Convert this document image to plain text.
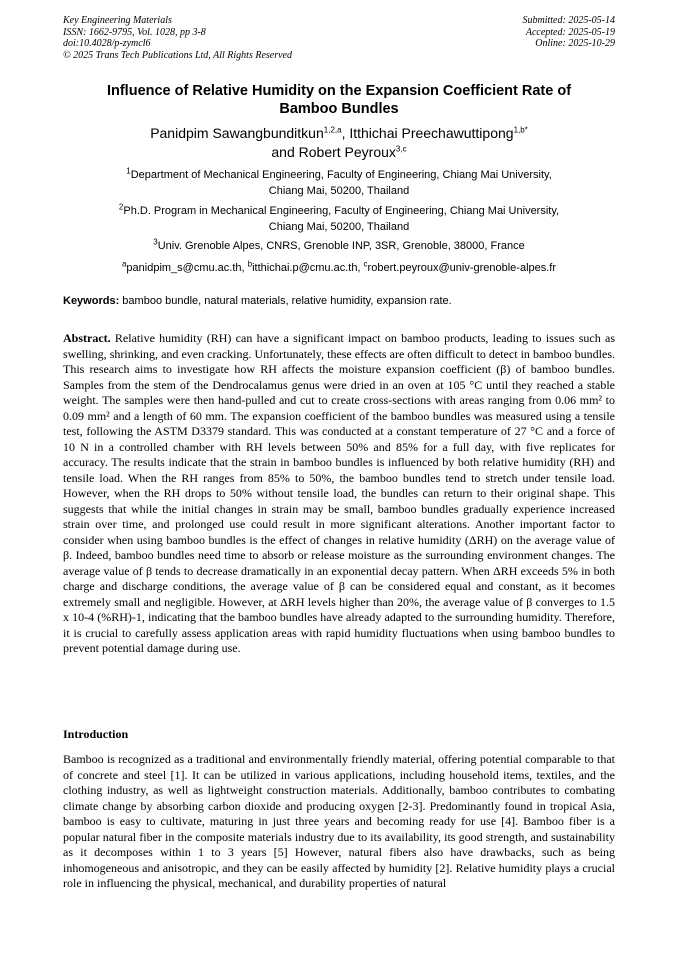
Key Engineering Materials
ISSN: 1662-9795, Vol. 1028, pp 3-8
doi:10.4028/p-zymcl6
© 2025 Trans Tech Publications Ltd, All Rights Reserved
Submitted: 2025-05-14
Accepted: 2025-05-19
Online: 2025-10-29
Influence of Relative Humidity on the Expansion Coefficient Rate of
Bamboo Bundles
Panidpim Sawangbunditkun$^{1,2,a}$, Itthichai Preechawuttipong$^{1,b*}$
and Robert Peyroux$^{3,c}$
$^1$Department of Mechanical Engineering, Faculty of Engineering, Chiang Mai University,
Chiang Mai, 50200, Thailand
$^2$Ph.D. Program in Mechanical Engineering, Faculty of Engineering, Chiang Mai University,
Chiang Mai, 50200, Thailand
$^3$Univ. Grenoble Alpes, CNRS, Grenoble INP, 3SR, Grenoble, 38000, France
$^a$panidpim_s@cmu.ac.th, $^b$itthichai.p@cmu.ac.th, $^c$robert.peyroux@univ-grenoble-alpes.fr
Keywords: bamboo bundle, natural materials, relative humidity, expansion rate.
Abstract. Relative humidity (RH) can have a significant impact on bamboo products, leading to issues such as swelling, shrinking, and even cracking. Unfortunately, these effects are often difficult to detect in bamboo bundles. This research aims to investigate how RH affects the moisture expansion coefficient (β) of bamboo bundles. Samples from the stem of the Dendrocalamus genus were dried in an oven at 105 °C until they reached a stable weight. The samples were then hand-pulled and cut to create cross-sections with areas ranging from 0.06 mm² to 0.09 mm² and a length of 60 mm. The expansion coefficient of the bamboo bundles was measured using a tensile test, following the ASTM D3379 standard. This was conducted at a constant temperature of 27 °C and a force of 10 N in a controlled chamber with RH levels between 50% and 85% for a full day, with five replicates for accuracy. The results indicate that the strain in bamboo bundles is influenced by both relative humidity (RH) and tensile load. When the RH ranges from 85% to 50%, the bamboo bundles tend to stretch under tensile load. However, when the RH drops to 50% without tensile load, the bundles can return to their original shape. This suggests that while the initial changes in strain may be small, bamboo bundles gradually experience increased strain over time, and prolonged use could result in more significant alterations. Another important factor to consider when using bamboo bundles is the effect of changes in relative humidity (ΔRH) on the average value of β. Indeed, bamboo bundles need time to absorb or release moisture as the surrounding environment changes. The average value of β tends to decrease dramatically in an exponential decay pattern. When ΔRH exceeds 5% in both charge and discharge conditions, the average value of β can be considered equal and constant, as it becomes extremely small and negligible. However, at ΔRH levels higher than 20%, the average value of β converges to 1.5 x 10-4 (%RH)-1, indicating that the bamboo bundles have already adapted to the surrounding humidity. Therefore, it is crucial to carefully assess application areas with rapid humidity fluctuations when using bamboo bundles to prevent potential damage during use.
Introduction
Bamboo is recognized as a traditional and environmentally friendly material, offering potential comparable to that of concrete and steel [1]. It can be utilized in various applications, including household items, textiles, and the clothing industry, as well as lightweight construction materials. Additionally, bamboo contributes to combating climate change by absorbing carbon dioxide and producing oxygen [2-3]. Predominantly found in tropical Asia, bamboo is easy to cultivate, maturing in just three years and becoming ready for use [4]. Bamboo fiber is a popular natural fiber in the composite materials industry due to its availability, its good strength, and sustainability as it decomposes within 1 to 3 years [5] However, natural fibers also have drawbacks, such as being inhomogeneous and anisotropic, and they can be easily affected by humidity [2]. Relative humidity plays a crucial role in influencing the physical, mechanical, and durability properties of natural
